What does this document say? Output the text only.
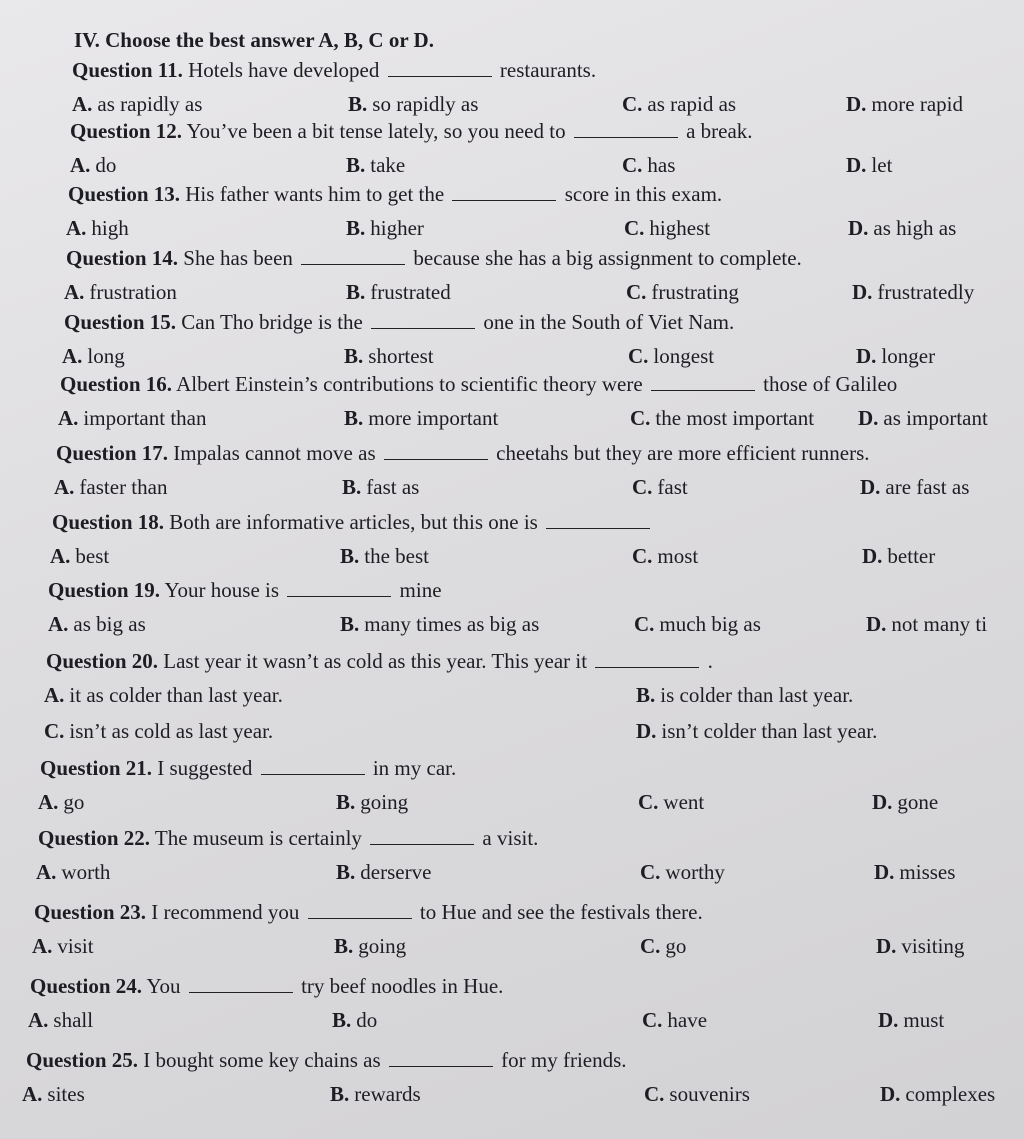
IV. Choose the best answer A, B, C or D.
Question 11. Hotels have developed	restaurants.
A. as rapidly as	B. so rapidly as	C. as rapid as	D. more rapid
Question 12. You’ve been a bit tense lately, so you need to	a break.
A. do	B. take	C. has	D. let
Question 13. His father wants him to get the	score in this exam.
A. high	B. higher	C. highest	D. as high as
Question 14. She has been	because she has a big assignment to complete.
A. frustration	B. frustrated	C. frustrating	D. frustratedly
Question 15. Can Tho bridge is the	one in the South of Viet Nam.
A. long	B. shortest	C. longest	D. longer
Question 16. Albert Einstein’s contributions to scientific theory were	those of Galileo
A. important than	B. more important	C. the most important D. as important
Question 17. Impalas cannot move as	cheetahs but they are more efficient runners.
A. faster than	B. fast as	C. fast	D. are fast as
Question 18. Both are informative articles, but this one is
A. best	B. the best	C. most	D. better
Question 19. Your house is	mine
A. as big as	B. many times as big as	C. much big as	D. not many ti
Question 20. Last year it wasn’t as cold as this year. This year it	.
A. it as colder than last year.	B. is colder than last year.
C. isn’t as cold as last year.	D. isn’t colder than last year.
Question 21. I suggested	in my car.
A. go	B. going	C. went	D. gone
Question 22. The museum is certainly	a visit.
A. worth	B. derserve	C. worthy	D. misses
Question 23. I recommend you	to Hue and see the festivals there.
A. visit	B. going	C. go	D. visiting
Question 24. You	try beef noodles in Hue.
A. shall	B. do	C. have	D. must
Question 25. I bought some key chains as	for my friends.
A. sites	B. rewards	C. souvenirs	D. complexes
